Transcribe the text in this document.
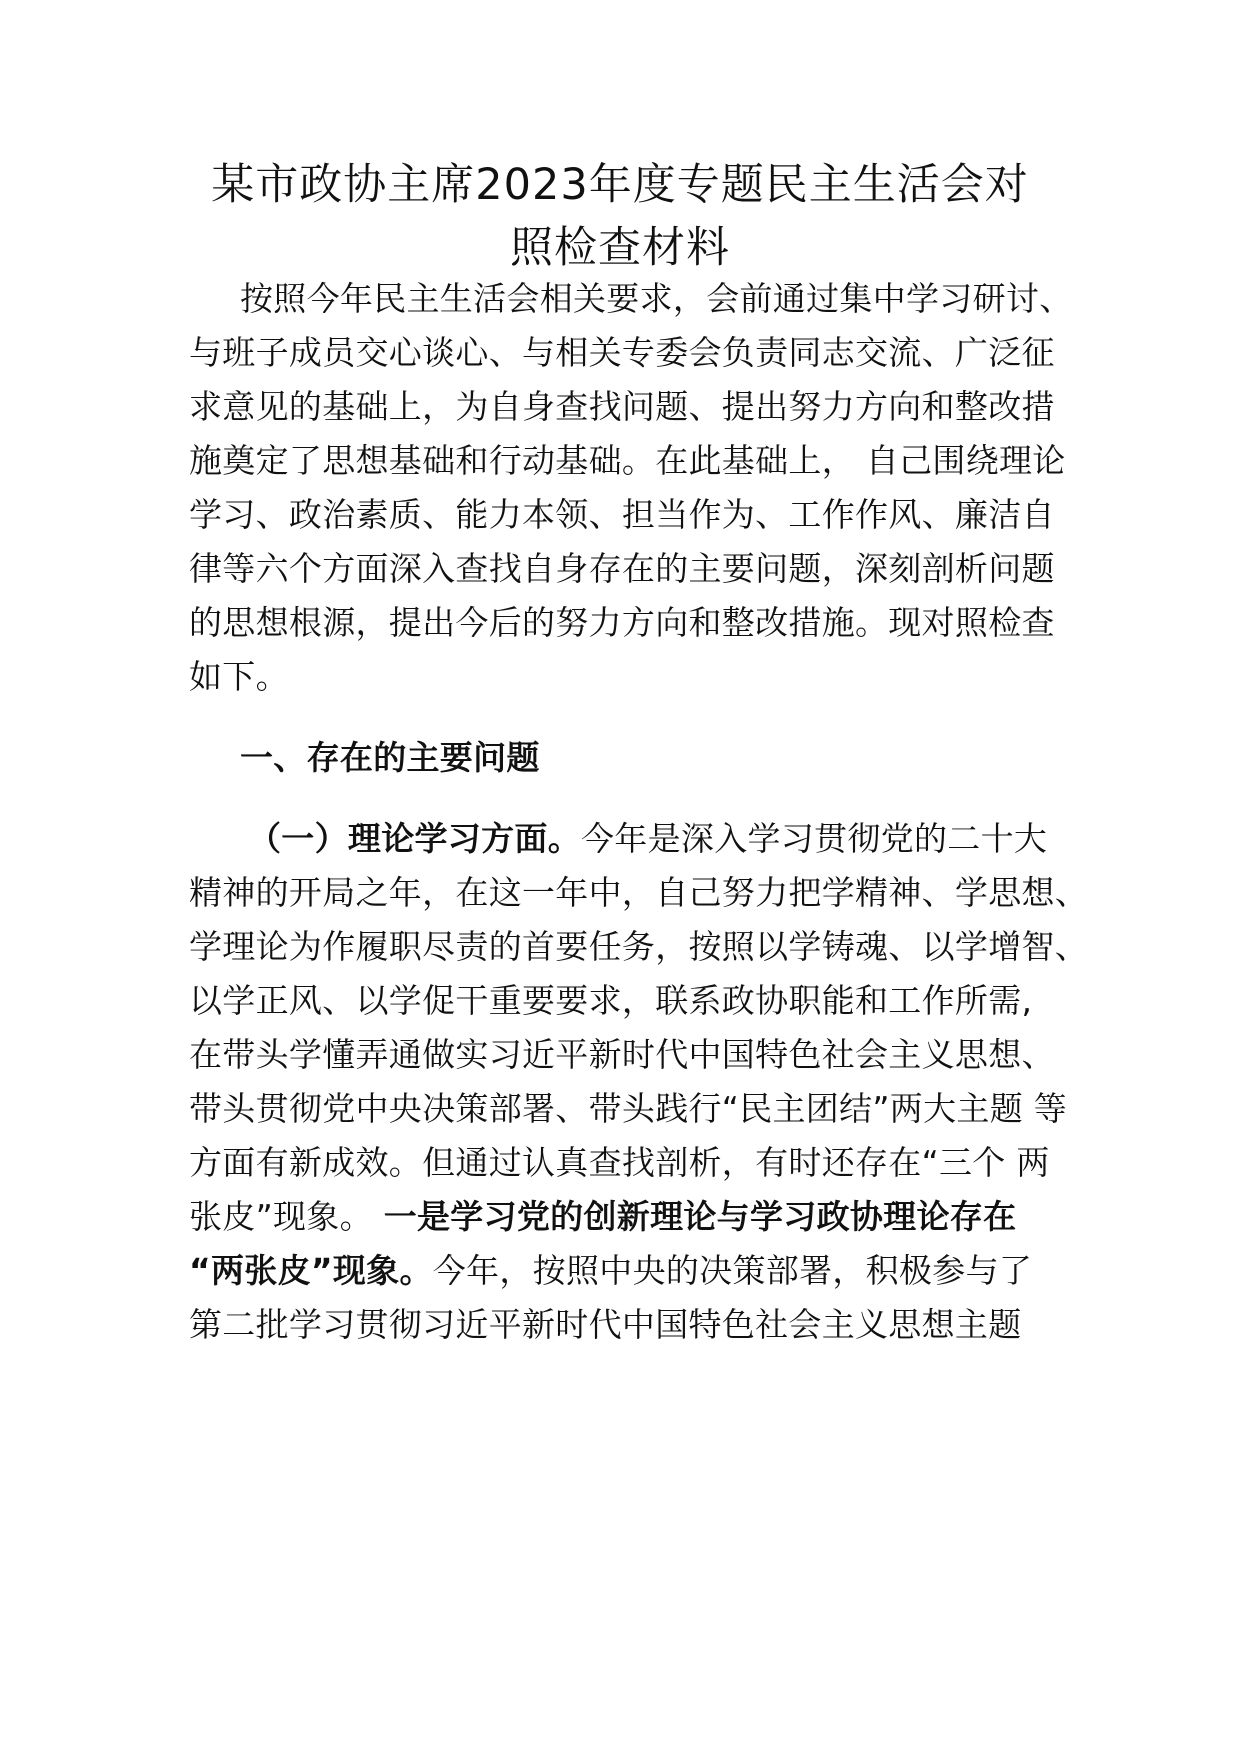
某市政协主席2023年度专题民主生活会对
照检查材料
按照今年民主生活会相关要求，会前通过集中学习研讨、
与班子成员交心谈心、与相关专委会负责同志交流、广泛征
求意见的基础上，为自身查找问题、提出努力方向和整改措
施奠定了思想基础和行动基础。在此基础上， 自己围绕理论
学习、政治素质、能力本领、担当作为、工作作风、廉洁自
律等六个方面深入查找自身存在的主要问题，深刻剖析问题
的思想根源，提出今后的努力方向和整改措施。现对照检查
如下。
一、存在的主要问题
（一）理论学习方面。今年是深入学习贯彻党的二十大
精神的开局之年，在这一年中，自己努力把学精神、学思想、
学理论为作履职尽责的首要任务，按照以学铸魂、以学增智、
以学正风、以学促干重要要求，联系政协职能和工作所需,
在带头学懂弄通做实习近平新时代中国特色社会主义思想、
带头贯彻党中央决策部署、带头践行“民主团结”两大主题 等
方面有新成效。但通过认真查找剖析，有时还存在“三个 两
张皮”现象。 一是学习党的创新理论与学习政协理论存在
“两张皮”现象。今年，按照中央的决策部署，积极参与了
第二批学习贯彻习近平新时代中国特色社会主义思想主题
